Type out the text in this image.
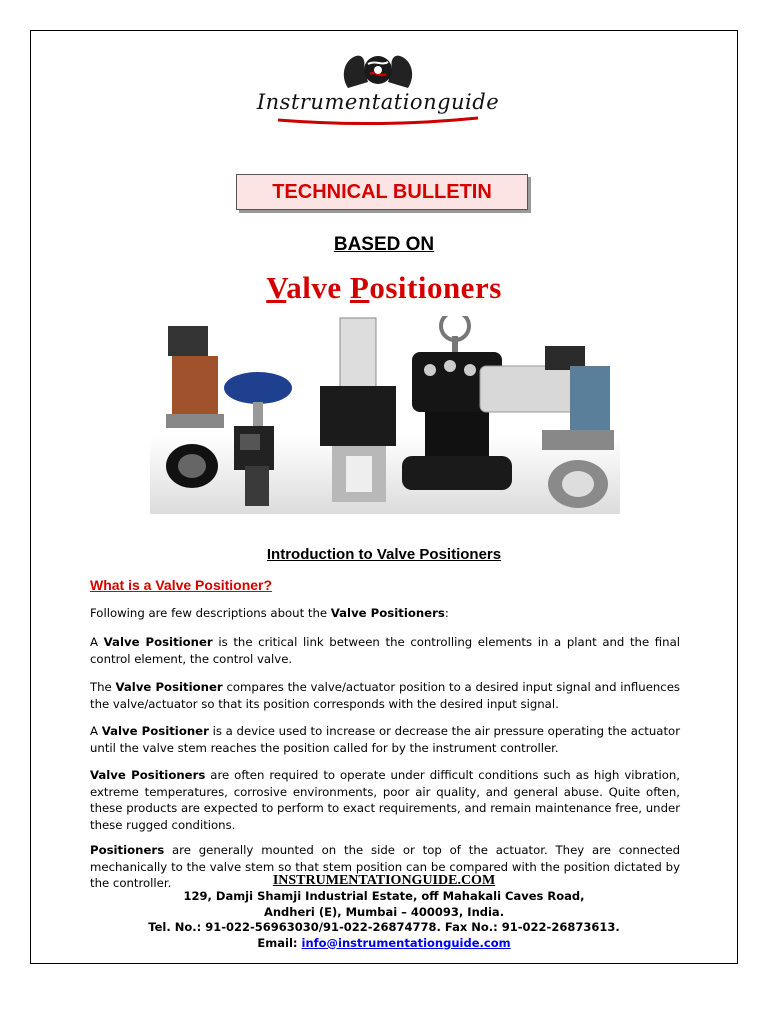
Instrumentationguide
TECHNICAL BULLETIN
BASED ON
Valve Positioners
Introduction to Valve Positioners
What is a Valve Positioner?

Following are few descriptions about the Valve Positioners:

A Valve Positioner is the critical link between the controlling elements in a plant and the final control element, the control valve.

The Valve Positioner compares the valve/actuator position to a desired input signal and influences the valve/actuator so that its position corresponds with the desired input signal.

A Valve Positioner is a device used to increase or decrease the air pressure operating the actuator until the valve stem reaches the position called for by the instrument controller.

Valve Positioners are often required to operate under difficult conditions such as high vibration, extreme temperatures, corrosive environments, poor air quality, and general abuse. Quite often, these products are expected to perform to exact requirements, and remain maintenance free, under these rugged conditions.

Positioners are generally mounted on the side or top of the actuator. They are connected mechanically to the valve stem so that stem position can be compared with the position dictated by the controller.	INSTRUMENTATIONGUIDE.COM
129, Damji Shamji Industrial Estate, off Mahakali Caves Road,
Andheri (E), Mumbai – 400093, India.
Tel. No.: 91-022-56963030/91-022-26874778. Fax No.: 91-022-26873613.
Email: info@instrumentationguide.com
